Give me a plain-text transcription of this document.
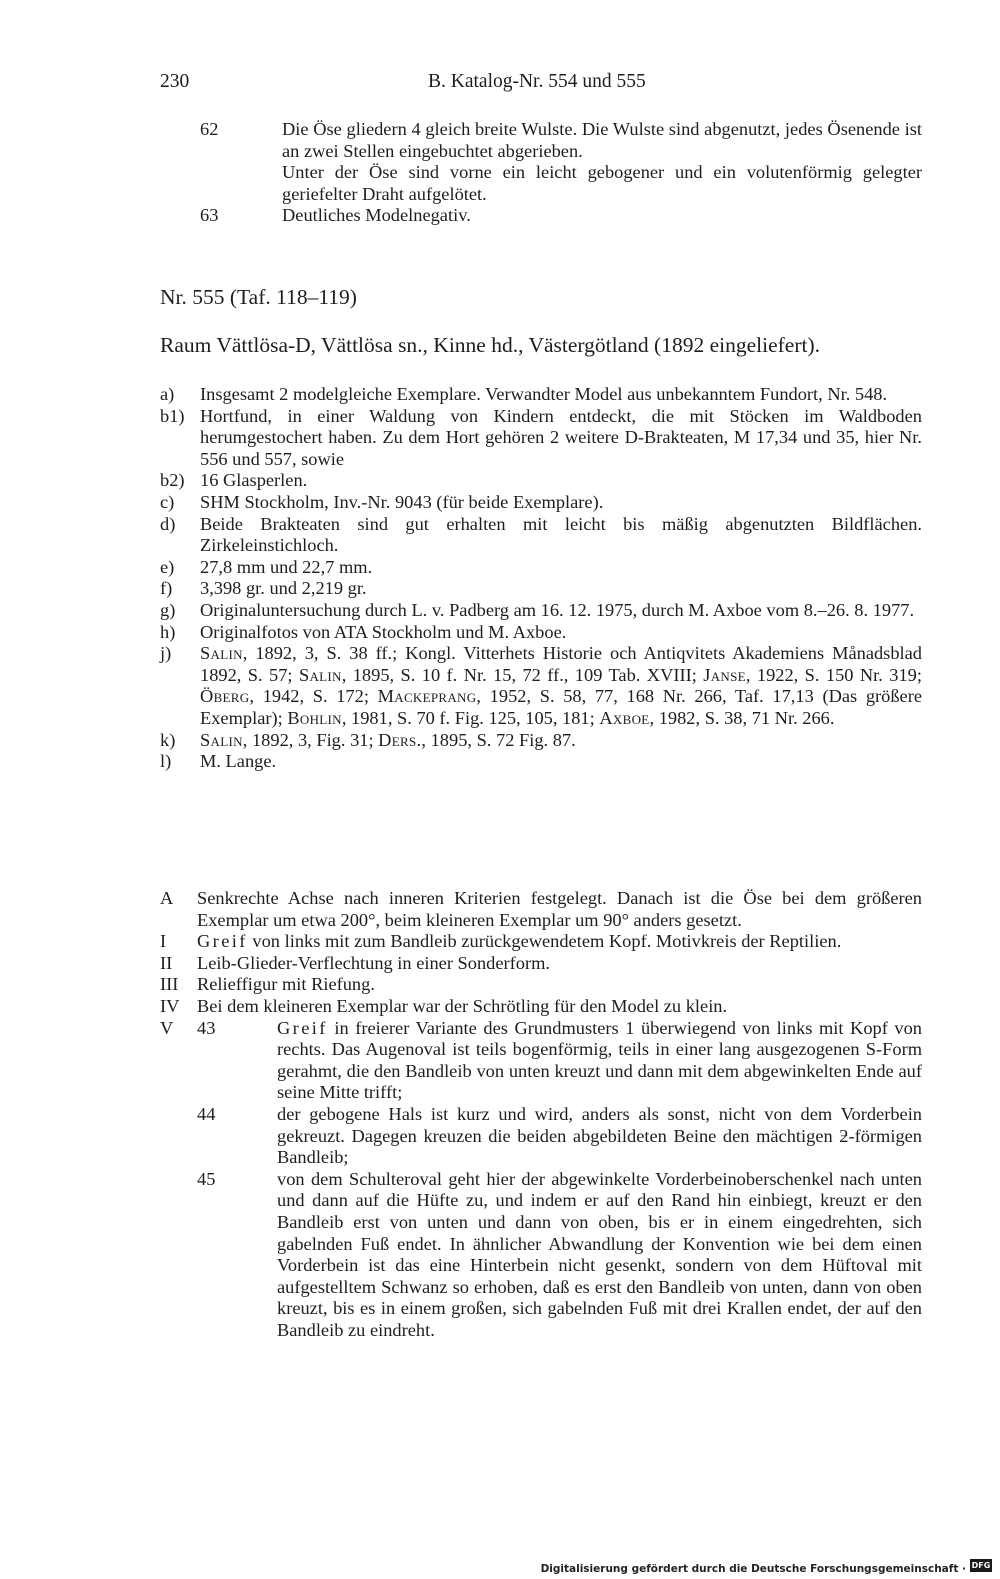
230	B. Katalog-Nr. 554 und 555
62	Die Öse gliedern 4 gleich breite Wulste. Die Wulste sind abgenutzt, jedes Ösenende ist an zwei Stellen eingebuchtet abgerieben.
Unter der Öse sind vorne ein leicht gebogener und ein volutenförmig gelegter geriefelter Draht aufgelötet.
63	Deutliches Modelnegativ.
Nr. 555 (Taf. 118–119)
Raum Vättlösa-D, Vättlösa sn., Kinne hd., Västergötland (1892 eingeliefert).
a) Insgesamt 2 modelgleiche Exemplare. Verwandter Model aus unbekanntem Fundort, Nr. 548.
b1) Hortfund, in einer Waldung von Kindern entdeckt, die mit Stöcken im Waldboden herumgestochert haben. Zu dem Hort gehören 2 weitere D-Brakteaten, M 17,34 und 35, hier Nr. 556 und 557, sowie
b2) 16 Glasperlen.
c) SHM Stockholm, Inv.-Nr. 9043 (für beide Exemplare).
d) Beide Brakteaten sind gut erhalten mit leicht bis mäßig abgenutzten Bildflächen. Zirkeleinstichloch.
e) 27,8 mm und 22,7 mm.
f) 3,398 gr. und 2,219 gr.
g) Originaluntersuchung durch L. v. Padberg am 16. 12. 1975, durch M. Axboe vom 8.–26. 8. 1977.
h) Originalfotos von ATA Stockholm und M. Axboe.
j) Salin, 1892, 3, S. 38 ff.; Kongl. Vitterhets Historie och Antiqvitets Akademiens Månadsblad 1892, S. 57; Salin, 1895, S. 10 f. Nr. 15, 72 ff., 109 Tab. XVIII; Janse, 1922, S. 150 Nr. 319; Öberg, 1942, S. 172; Mackeprang, 1952, S. 58, 77, 168 Nr. 266, Taf. 17,13 (Das größere Exemplar); Bohlin, 1981, S. 70 f. Fig. 125, 105, 181; Axboe, 1982, S. 38, 71 Nr. 266.
k) Salin, 1892, 3, Fig. 31; Ders., 1895, S. 72 Fig. 87.
l) M. Lange.
A Senkrechte Achse nach inneren Kriterien festgelegt. Danach ist die Öse bei dem größeren Exemplar um etwa 200°, beim kleineren Exemplar um 90° anders gesetzt.
I Greif von links mit zum Bandleib zurückgewendetem Kopf. Motivkreis der Reptilien.
II Leib-Glieder-Verflechtung in einer Sonderform.
III Relieffigur mit Riefung.
IV Bei dem kleineren Exemplar war der Schrötling für den Model zu klein.
V 43	Greif in freierer Variante des Grundmusters 1 überwiegend von links mit Kopf von rechts. Das Augenoval ist teils bogenförmig, teils in einer lang ausgezogenen S-Form gerahmt, die den Bandleib von unten kreuzt und dann mit dem abgewinkelten Ende auf seine Mitte trifft;
44	der gebogene Hals ist kurz und wird, anders als sonst, nicht von dem Vorderbein gekreuzt. Dagegen kreuzen die beiden abgebildeten Beine den mächtigen ƻ-förmigen Bandleib;
45	von dem Schulteroval geht hier der abgewinkelte Vorderbeinoberschenkel nach unten und dann auf die Hüfte zu, und indem er auf den Rand hin einbiegt, kreuzt er den Bandleib erst von unten und dann von oben, bis er in einem eingedrehten, sich gabelnden Fuß endet. In ähnlicher Abwandlung der Konvention wie bei dem einen Vorderbein ist das eine Hinterbein nicht gesenkt, sondern von dem Hüftoval mit aufgestelltem Schwanz so erhoben, daß es erst den Bandleib von unten, dann von oben kreuzt, bis es in einem großen, sich gabelnden Fuß mit drei Krallen endet, der auf den Bandleib zu eindreht.
Digitalisierung gefördert durch die Deutsche Forschungsgemeinschaft · DFG
